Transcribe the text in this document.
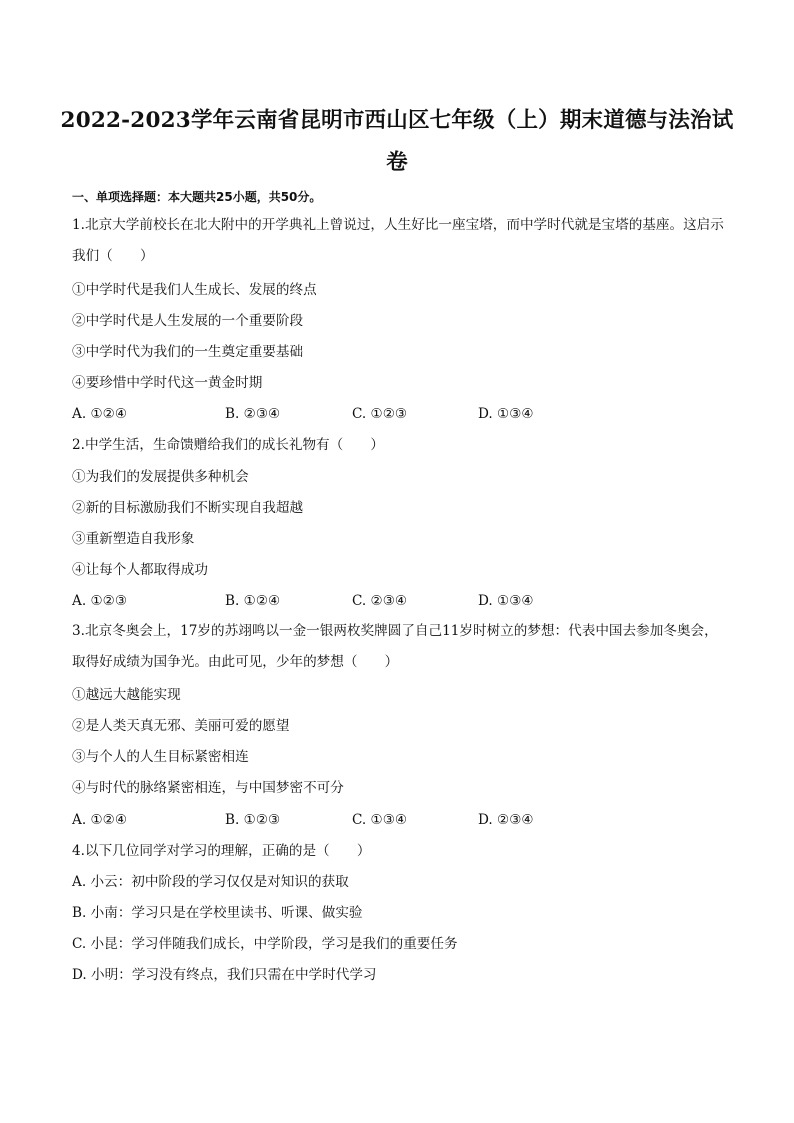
2022-2023学年云南省昆明市西山区七年级（上）期末道德与法治试卷
一、单项选择题：本大题共25小题，共50分。
1.北京大学前校长在北大附中的开学典礼上曾说过，人生好比一座宝塔，而中学时代就是宝塔的基座。这启示我们（　　）
①中学时代是我们人生成长、发展的终点
②中学时代是人生发展的一个重要阶段
③中学时代为我们的一生奠定重要基础
④要珍惜中学时代这一黄金时期
A. ①②④	B. ②③④	C. ①②③	D. ①③④
2.中学生活，生命馈赠给我们的成长礼物有（　　）
①为我们的发展提供多种机会
②新的目标激励我们不断实现自我超越
③重新塑造自我形象
④让每个人都取得成功
A. ①②③	B. ①②④	C. ②③④	D. ①③④
3.北京冬奥会上，17岁的苏翊鸣以一金一银两枚奖牌圆了自己11岁时树立的梦想：代表中国去参加冬奥会，取得好成绩为国争光。由此可见，少年的梦想（　　）
①越远大越能实现
②是人类天真无邪、美丽可爱的愿望
③与个人的人生目标紧密相连
④与时代的脉络紧密相连，与中国梦密不可分
A. ①②④	B. ①②③	C. ①③④	D. ②③④
4.以下几位同学对学习的理解，正确的是（　　）
A. 小云：初中阶段的学习仅仅是对知识的获取
B. 小南：学习只是在学校里读书、听课、做实验
C. 小昆：学习伴随我们成长，中学阶段，学习是我们的重要任务
D. 小明：学习没有终点，我们只需在中学时代学习
